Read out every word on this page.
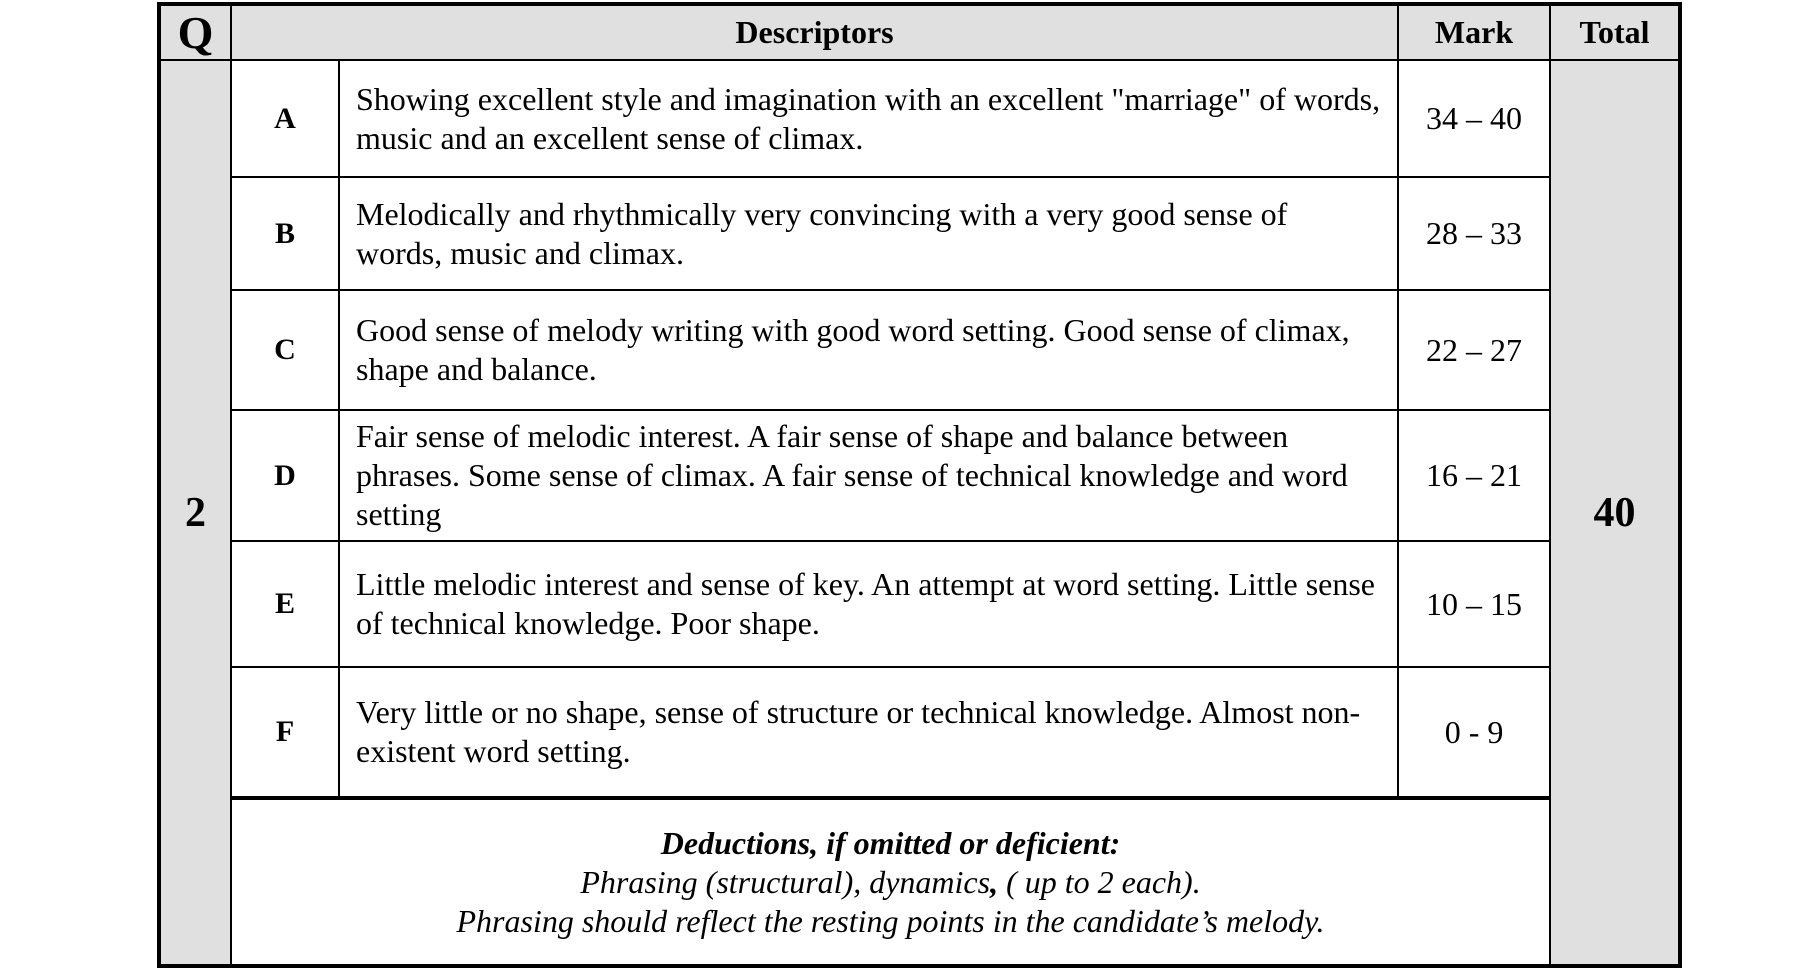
Q	Descriptors		Mark	Total
2	A	Showing excellent style and imagination with an excellent "marriage" of words, music and an excellent sense of climax.	34 – 40	40
	B	Melodically and rhythmically very convincing with a very good sense of words, music and climax.	28 – 33	
	C	Good sense of melody writing with good word setting. Good sense of climax, shape and balance.	22 – 27	
	D	Fair sense of melodic interest. A fair sense of shape and balance between phrases. Some sense of climax. A fair sense of technical knowledge and word setting	16 – 21	
	E	Little melodic interest and sense of key. An attempt at word setting. Little sense of technical knowledge. Poor shape.	10 – 15	
	F	Very little or no shape, sense of structure or technical knowledge. Almost non-existent word setting.	0 - 9	

	Deductions, if omitted or deficient:
Phrasing (structural), dynamics, ( up to 2 each).
Phrasing should reflect the resting points in the candidate’s melody.			
